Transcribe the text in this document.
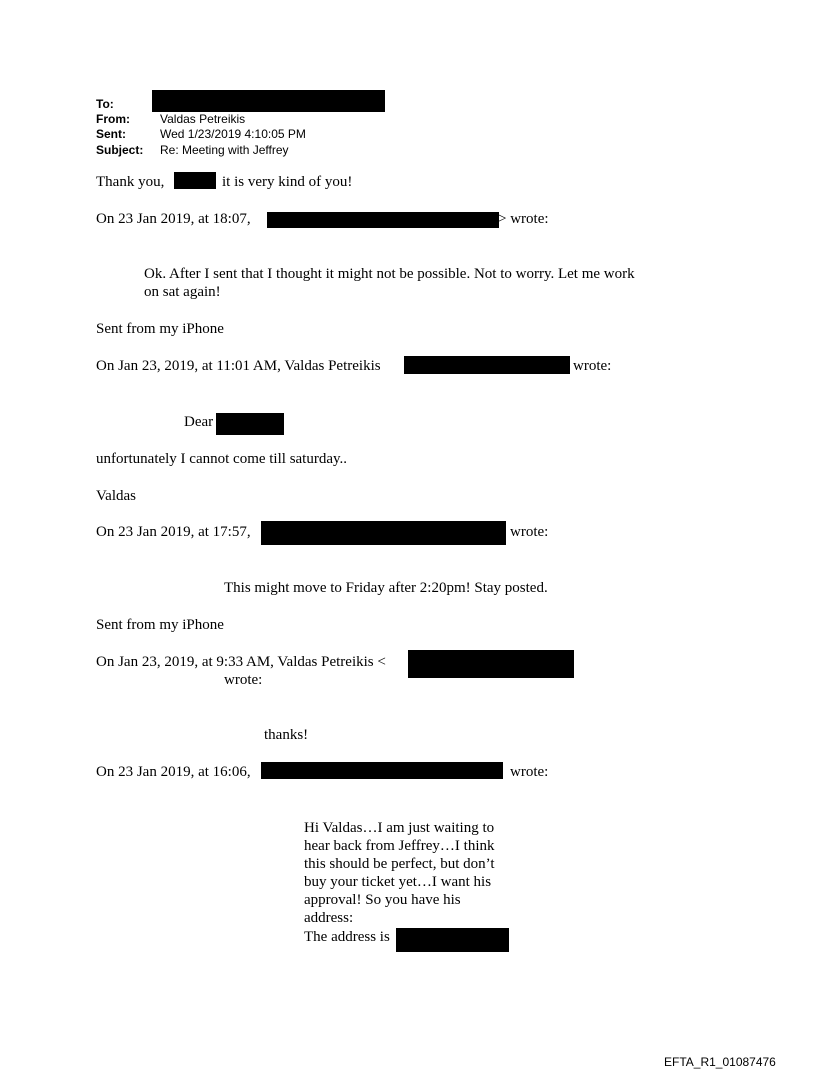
To:
From:	Valdas Petreikis
Sent:	Wed 1/23/2019 4:10:05 PM
Subject: Re: Meeting with Jeffrey
Thank you,	it is very kind of you!
On 23 Jan 2019, at 18:07,	> wrote:
Ok. After I sent that I thought it might not be possible. Not to worry. Let me work
on sat again!
Sent from my iPhone
On Jan 23, 2019, at 11:01 AM, Valdas Petreikis	wrote:
Dear
unfortunately I cannot come till saturday..
Valdas
On 23 Jan 2019, at 17:57,	wrote:
This might move to Friday after 2:20pm! Stay posted.
Sent from my iPhone
On Jan 23, 2019, at 9:33 AM, Valdas Petreikis <
wrote:
thanks!
On 23 Jan 2019, at 16:06,	wrote:
Hi Valdas…I am just waiting to
hear back from Jeffrey…I think
this should be perfect, but don’t
buy your ticket yet…I want his
approval! So you have his
address:
The address is
EFTA_R1_01087476
